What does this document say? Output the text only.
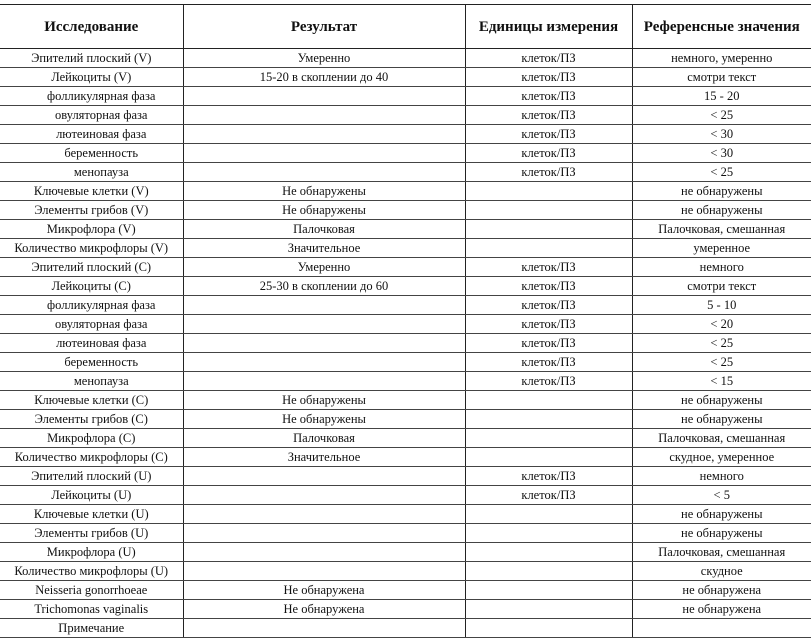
Исследование	Результат	Единицы измерения	Референсные значения
Эпителий плоский (V)	Умеренно	клеток/ПЗ	немного, умеренно
Лейкоциты (V)	15-20 в скоплении до 40	клеток/ПЗ	смотри текст
фолликулярная фаза		клеток/ПЗ	15 - 20
овуляторная фаза		клеток/ПЗ	< 25
лютеиновая фаза		клеток/ПЗ	< 30
беременность		клеток/ПЗ	< 30
менопауза		клеток/ПЗ	< 25
Ключевые клетки (V)	Не обнаружены		не обнаружены
Элементы грибов (V)	Не обнаружены		не обнаружены
Микрофлора (V)	Палочковая		Палочковая, смешанная
Количество микрофлоры (V)	Значительное		умеренное
Эпителий плоский (C)	Умеренно	клеток/ПЗ	немного
Лейкоциты (C)	25-30 в скоплении до 60	клеток/ПЗ	смотри текст
фолликулярная фаза		клеток/ПЗ	5 - 10
овуляторная фаза		клеток/ПЗ	< 20
лютеиновая фаза		клеток/ПЗ	< 25
беременность		клеток/ПЗ	< 25
менопауза		клеток/ПЗ	< 15
Ключевые клетки (C)	Не обнаружены		не обнаружены
Элементы грибов (C)	Не обнаружены		не обнаружены
Микрофлора (C)	Палочковая		Палочковая, смешанная
Количество микрофлоры (C)	Значительное		скудное, умеренное
Эпителий плоский (U)		клеток/ПЗ	немного
Лейкоциты (U)		клеток/ПЗ	< 5
Ключевые клетки (U)			не обнаружены
Элементы грибов (U)			не обнаружены
Микрофлора (U)			Палочковая, смешанная
Количество микрофлоры (U)			скудное
Neisseria gonorrhoeae	Не обнаружена		не обнаружена
Trichomonas vaginalis	Не обнаружена		не обнаружена
Примечание			
